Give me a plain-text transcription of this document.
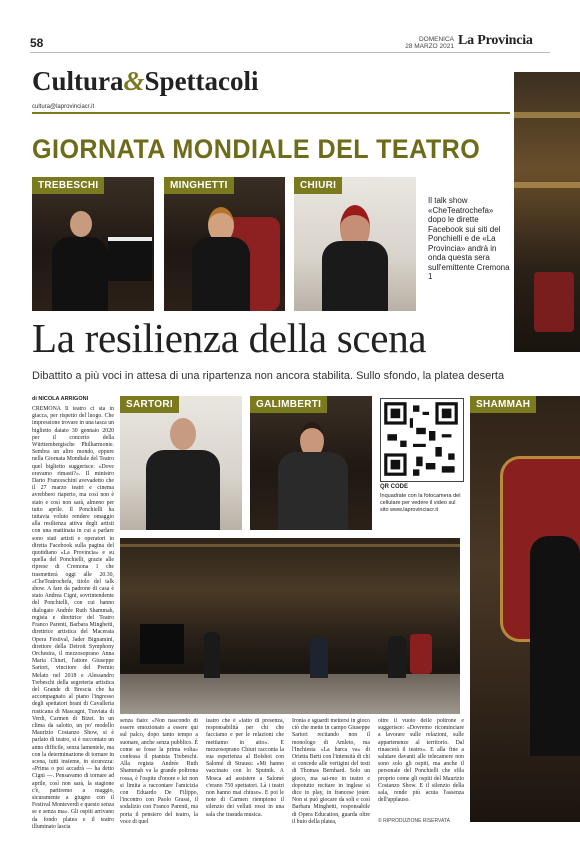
58	DOMENICA
28 MARZO 2021 La Provincia
Cultura&Spettacoli
cultura@laprovinciacr.it
GIORNATA MONDIALE DEL TEATRO
TREBESCHI	MINGHETTI	CHIURI
Il talk show «CheTeatrochefa» dopo le dirette Facebook sui siti del Ponchielli e de «La Provincia» andrà in onda questa sera sull'emittente Cremona 1
La resilienza della scena
Dibattito a più voci in attesa di una ripartenza non ancora stabilita. Sullo sfondo, la platea deserta
di NICOLA ARRIGONI
CREMONA Il teatro ci sta in giacca, per rispetto del luogo. Che impressione trovare in una tasca un biglietto datato 30 gennaio 2020 per il concerto della Württembergische Philharmonie. Sembra un altro mondo, eppure nella Giornata Mondiale del Teatro quel biglietto suggerisce: «Dove eravamo rimasti?». Il ministro Dario Franceschini avevadetto che il 27 marzo teatri e cinema avrebbero riaperto, ma così non è stato e così non sarà, almeno per tutto aprile. Il Ponchielli ha tuttavia voluto rendere omaggio alla resilienza attiva degli artisti con una mattinata in cui a parlare sono stati artisti e operatori in diretta Facebook sulla pagina del quotidiano «La Provincia» e su quella del Ponchielli, grazie alle riprese di Cremona 1 che trasmetterà oggi alle 20.30, «CheTeatrochefa, titolo del talk show. A fare da padrone di casa è stato Andrea Cigni, sovrintendente del Ponchielli, con cui hanno dialogato Andrée Ruth Shammah, regista e direttrice del Teatro Franco Parenti, Barbara Minghetti, direttrice artistica del Macerata Opera Festival, Jader Bignamini, direttore della Detroit Symphony Orchestra, il mezzosoprano Anna Maria Chiuri, l'attore Giuseppe Sartori, vincitore del Premio Melato nel 2018 e Alessandro Trebeschi della segreteria artistica del Grande di Brescia che ha accompagnato al piano l'ingresso degli spettatori brani di Cavalleria rusticana di Mascagni, Traviata di Verdi, Carmen di Bizet. In un clima da salotto, un po' modello Maurizio Costanzo Show, si è parlato di teatro, si è raccontato un anno difficile, senza lamentele, ma con la determinazione di tornare in scena, tutti insieme, in sicurezza: «Prima o poi accadrà — ha detto Cigni —. Pensavamo di tornare ad aprile, così non sarà, la stagione c'è, partiremo a maggio, sicuramente a giugno con il Festival Monteverdi e questo senza se e senza ma». Gli ospiti arrivano da fondo platea e il teatro illuminato lascia
SARTORI	GALIMBERTI
QR CODE
Inquadrate con la fotocamera del cellulare per vedere il video sul sito www.laprovinciacr.it
SHAMMAH
senza fiato: «Non nascondo di essere emozionato a essere qui sul palco, dopo tanto tempo a suonare, anche senza pubblico. È come se fosse la prima volta» confessa il pianista Trebeschi. Alla regista Andrée Ruth Shammah va la grande poltrona rossa, è l'ospite d'onore e lei non si limita a raccontare l'amicizia con Eduardo De Filippo, l'incontro con Paolo Grassi, il sodalizio con Franco Parenti, ma porta il pensiero del teatro, la voce di quel
teatro che è «fatto di presenza, responsabilità per chi che facciamo e per le relazioni che mettiamo in atto». E mezzosoprano Chiuri racconta la sua esperienza al Bolshoi con Salomé di Strauss: «Mi hanno vaccinato con lo Sputnik. A Mosca ad assistere a Salomé c'erano 750 spettatori. Là i teatri non hanno mai chiuso». E poi le note di Carmen riempiono il silenzio dei velluti rossi in una sala che trasuda musica.
Ironia e sguardi mettersi in gioco ciò che mette in campo Giuseppe Sartori recitando non il monologo di Amleto, ma l'Inchiesta «La barca va» di Orietta Berti con l'intensità di chi si concede alle vertigini del testi di Thomas Bernhard. Solo un gioco, ma sai-mo in teatro e dopotutto recitare in inglese si dice to play, in francese jouer. Non si può giocare da soli e così Barbara Minghetti, responsabile di Opera Education, guarda oltre il buio della platea,
oltre il vuoto delle poltrone e suggerisce: «Dovremo ricominciare a lavorare sulle relazioni, sulle appartenenze al territorio. Dal rinascerà il teatro». E alla fine a salutare davanti alle telecamere non sono solo gli ospiti, ma anche il personale del Ponchielli che sfila proprio come gli ospiti del Maurizio Costanzo Show. E il silenzio della sala, rende più acuta l'assenza dell'applauso.
© RIPRODUZIONE RISERVATA
